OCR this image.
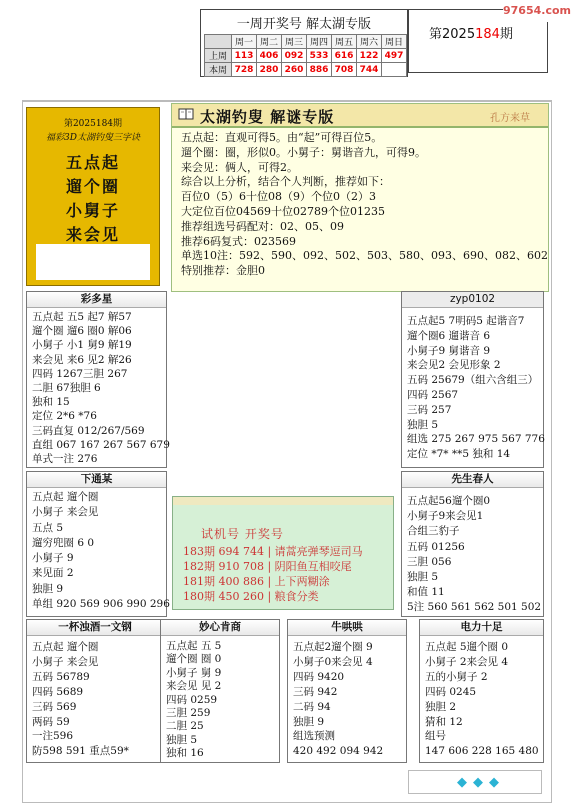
一周开奖号 解太湖专版
	周一	周二	周三	周四	周五	周六	周日
上周	113	406	092	533	616	122	497
本周	728	280	260	886	708	744	
第2025184期
97654.com
第2025184期
福彩3D太湖钓叟三字诀
五点起
遛个圈
小舅子
来会见
太湖钓叟 解谜专版	孔方来草
五点起：直观可得5。由“起”可得百位5。
遛个圈：圈，形似0。小舅子：舅谐音九，可得9。
来会见：俩人，可得2。
综合以上分析，结合个人判断，推荐如下：
百位0（5）6十位08（9）个位0（2）3
大定位百位04569十位02789个位01235
推荐组选号码配对：02、05、09
推荐6码复式：023569
单选10注：592、590、092、502、503、580、093、690、082、602
特别推荐：金胆0
彩多星
五点起 五5 起7 解57
遛个圈 遛6 圈0 解06
小舅子 小1 舅9 解19
来会见 来6 见2 解26
四码 1267三胆 267
二胆 67独胆 6
独和 15
定位 2*6 *76
三码直复 012/267/569
直组 067 167 267 567 679
单式一注 276
下通某
五点起 遛个圈
小舅子 来会见
五点 5
遛穷兜圈 6 0
小舅子 9
来见面 2
独胆 9
单组 920 569 906 990 296
zyp0102
五点起5 7明码5 起谐音7
遛个圈6 遛谐音 6
小舅子9 舅谐音 9
来会见2 会见形象 2
五码 25679（组六含组三）
四码 2567
三码 257
独胆 5
组选 275 267 975 567 776
定位 *7* **5 独和 14
先生春人
五点起56遛个圈0
小舅子9来会见1
合组三豹子
五码 01256
三胆 056
独胆 5
和值 11
5注 560 561 562 501 502
试机号 开奖号
183期 694 744 | 请蒿亮弹琴逗司马
182期 910 708 | 阴阳鱼互相咬尾
181期 400 886 | 上下两糊涂
180期 450 260 | 粮食分类
一杯浊酒一文钢
五点起 遛个圈
小舅子 来会见
五码 56789
四码 5689
三码 569
两码 59
一注596
防598 591 重点59*
妙心肯商
五点起 五 5
遛个圈 圈 0
小舅子 舅 9
来会见 见 2
四码 0259
三胆 259
二胆 25
独胆 5
独和 16
牛哄哄
五点起2遛个圈 9
小舅子0来会见 4
四码 9420
三码 942
二码 94
独胆 9
组选预测
420 492 094 942
电力十足
五点起 5遛个圈 0
小舅子 2来会见 4
五的小舅子 2
四码 0245
独胆 2
猜和 12
组号
147 606 228 165 480
◆ ◆ ◆
